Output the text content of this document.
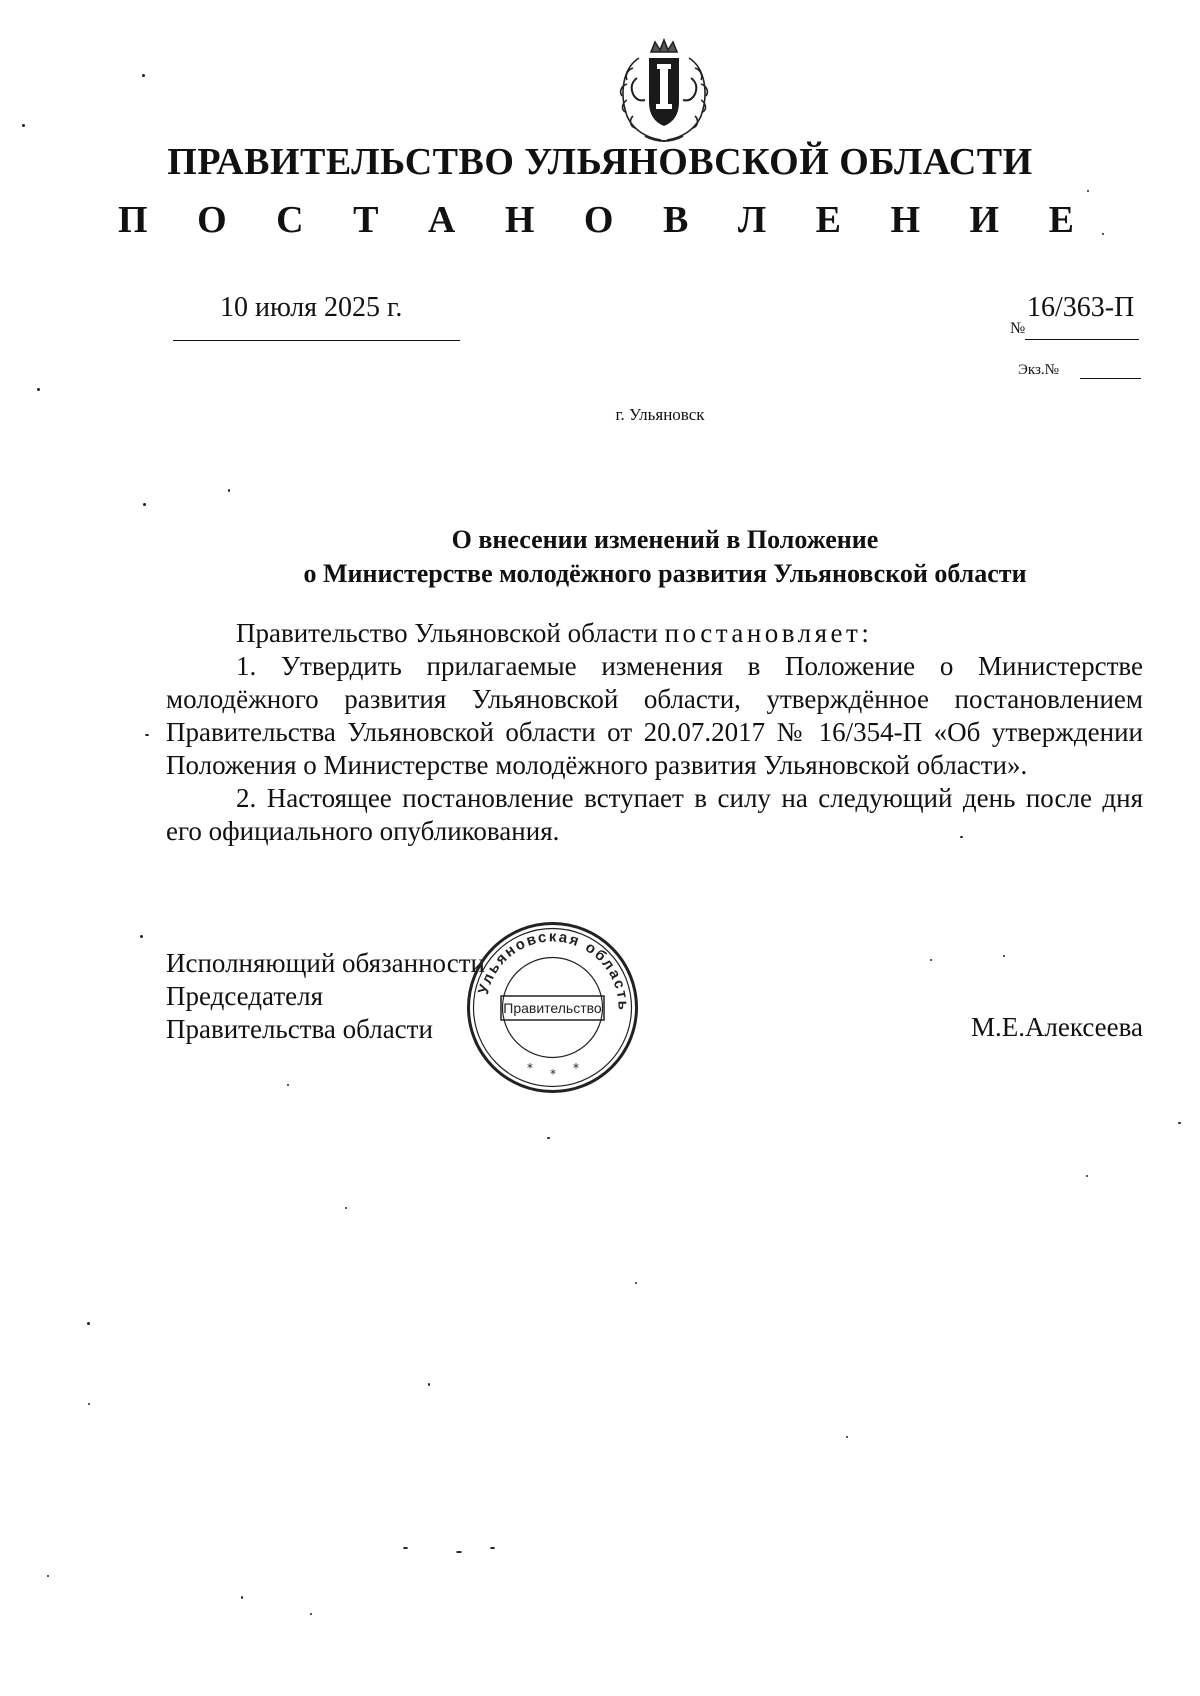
ПРАВИТЕЛЬСТВО УЛЬЯНОВСКОЙ ОБЛАСТИ
П О С Т А Н О В Л Е Н И Е
10 июля 2025 г.
№
16/363-П
Экз.№
г. Ульяновск
О внесении изменений в Положение
о Министерстве молодёжного развития Ульяновской области

Правительство Ульяновской области постановляет:

1. Утвердить прилагаемые изменения в Положение о Министерстве молодёжного развития Ульяновской области, утверждённое постановлением Правительства Ульяновской области от 20.07.2017 № 16/354-П «Об утверждении Положения о Министерстве молодёжного развития Ульяновской области».

2. Настоящее постановление вступает в силу на следующий день после дня его официального опубликования.

Исполняющий обязанности
Председателя
Правительства области	М.Е.Алексеева
Ульяновская область
Правительство
* * *
